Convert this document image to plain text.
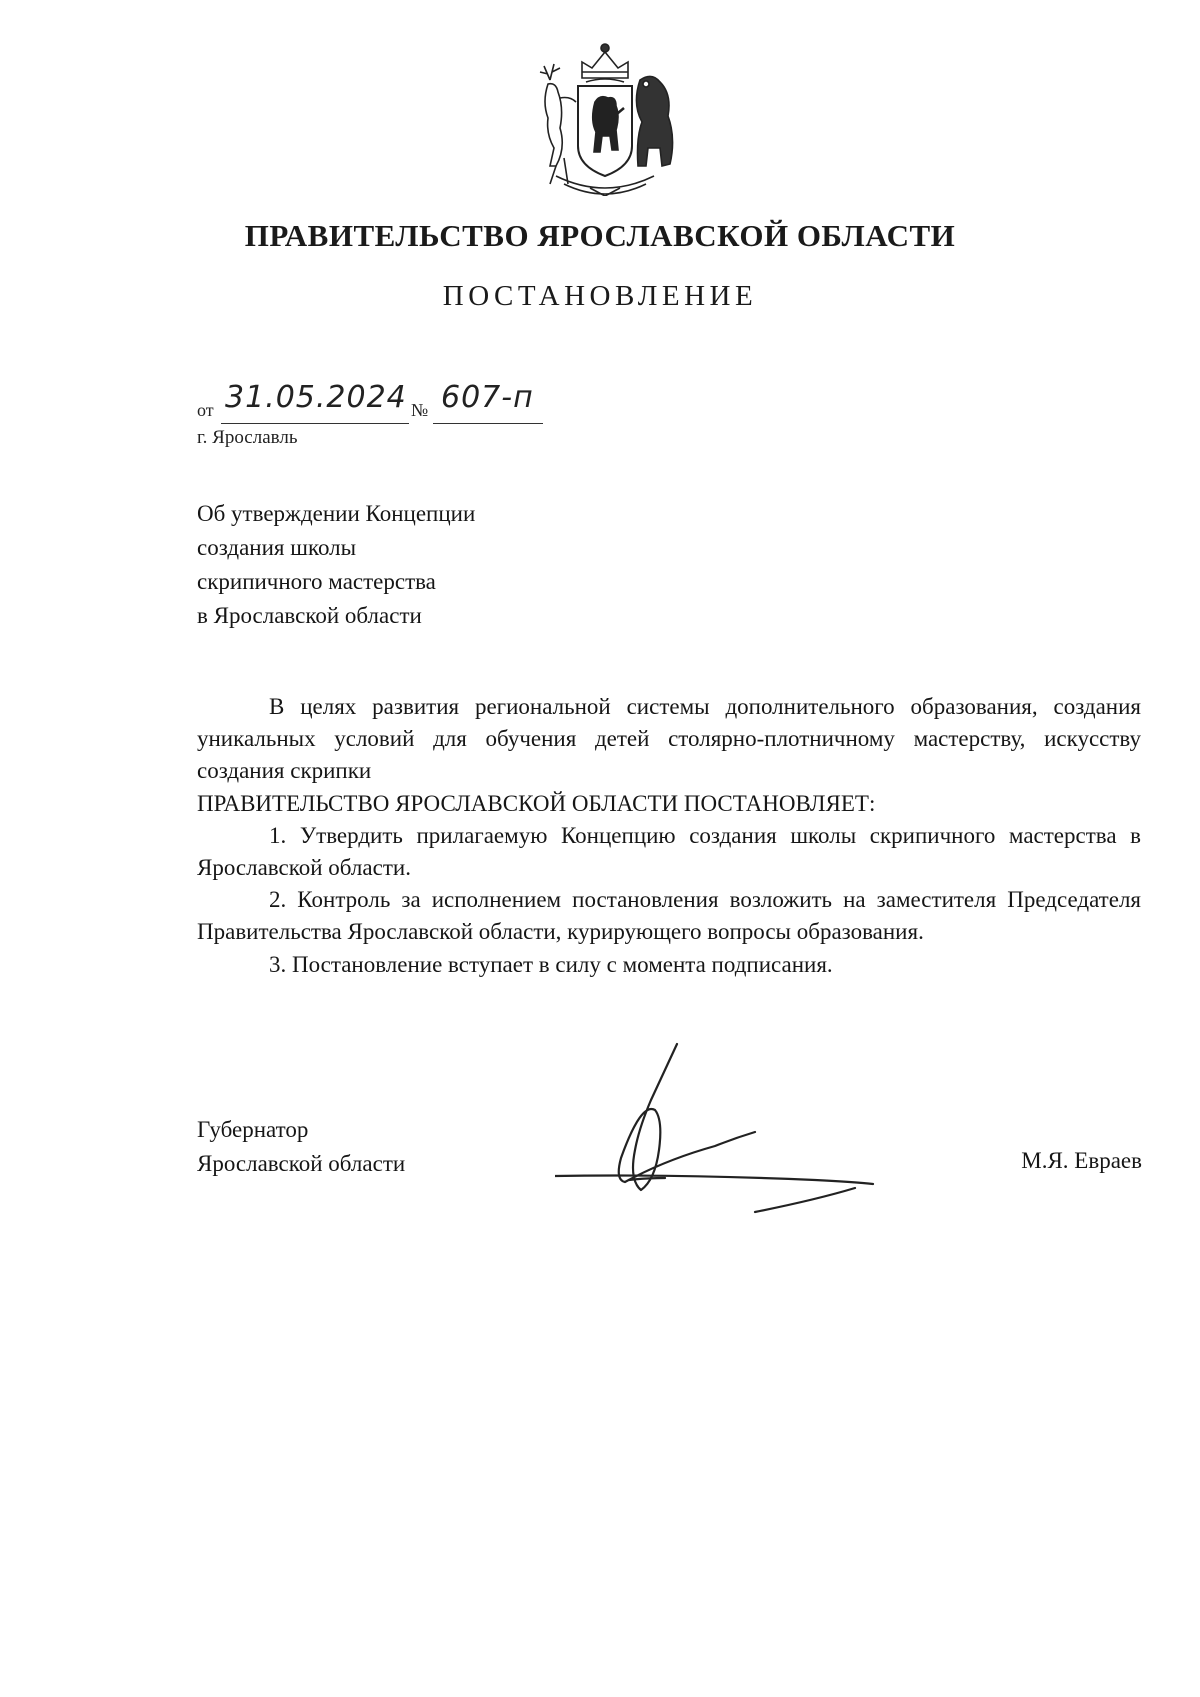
ПРАВИТЕЛЬСТВО ЯРОСЛАВСКОЙ ОБЛАСТИ
ПОСТАНОВЛЕНИЕ
от 31.05.2024 № 607-п
г. Ярославль
Об утверждении Концепции
создания школы
скрипичного мастерства
в Ярославской области

В целях развития региональной системы дополнительного образования, создания уникальных условий для обучения детей столярно-плотничному мастерству, искусству создания скрипки

ПРАВИТЕЛЬСТВО ЯРОСЛАВСКОЙ ОБЛАСТИ ПОСТАНОВЛЯЕТ:

1. Утвердить прилагаемую Концепцию создания школы скрипичного мастерства в Ярославской области.

2. Контроль за исполнением постановления возложить на заместителя Председателя Правительства Ярославской области, курирующего вопросы образования.

3. Постановление вступает в силу с момента подписания.

Губернатор
Ярославской области	М.Я. Евраев
